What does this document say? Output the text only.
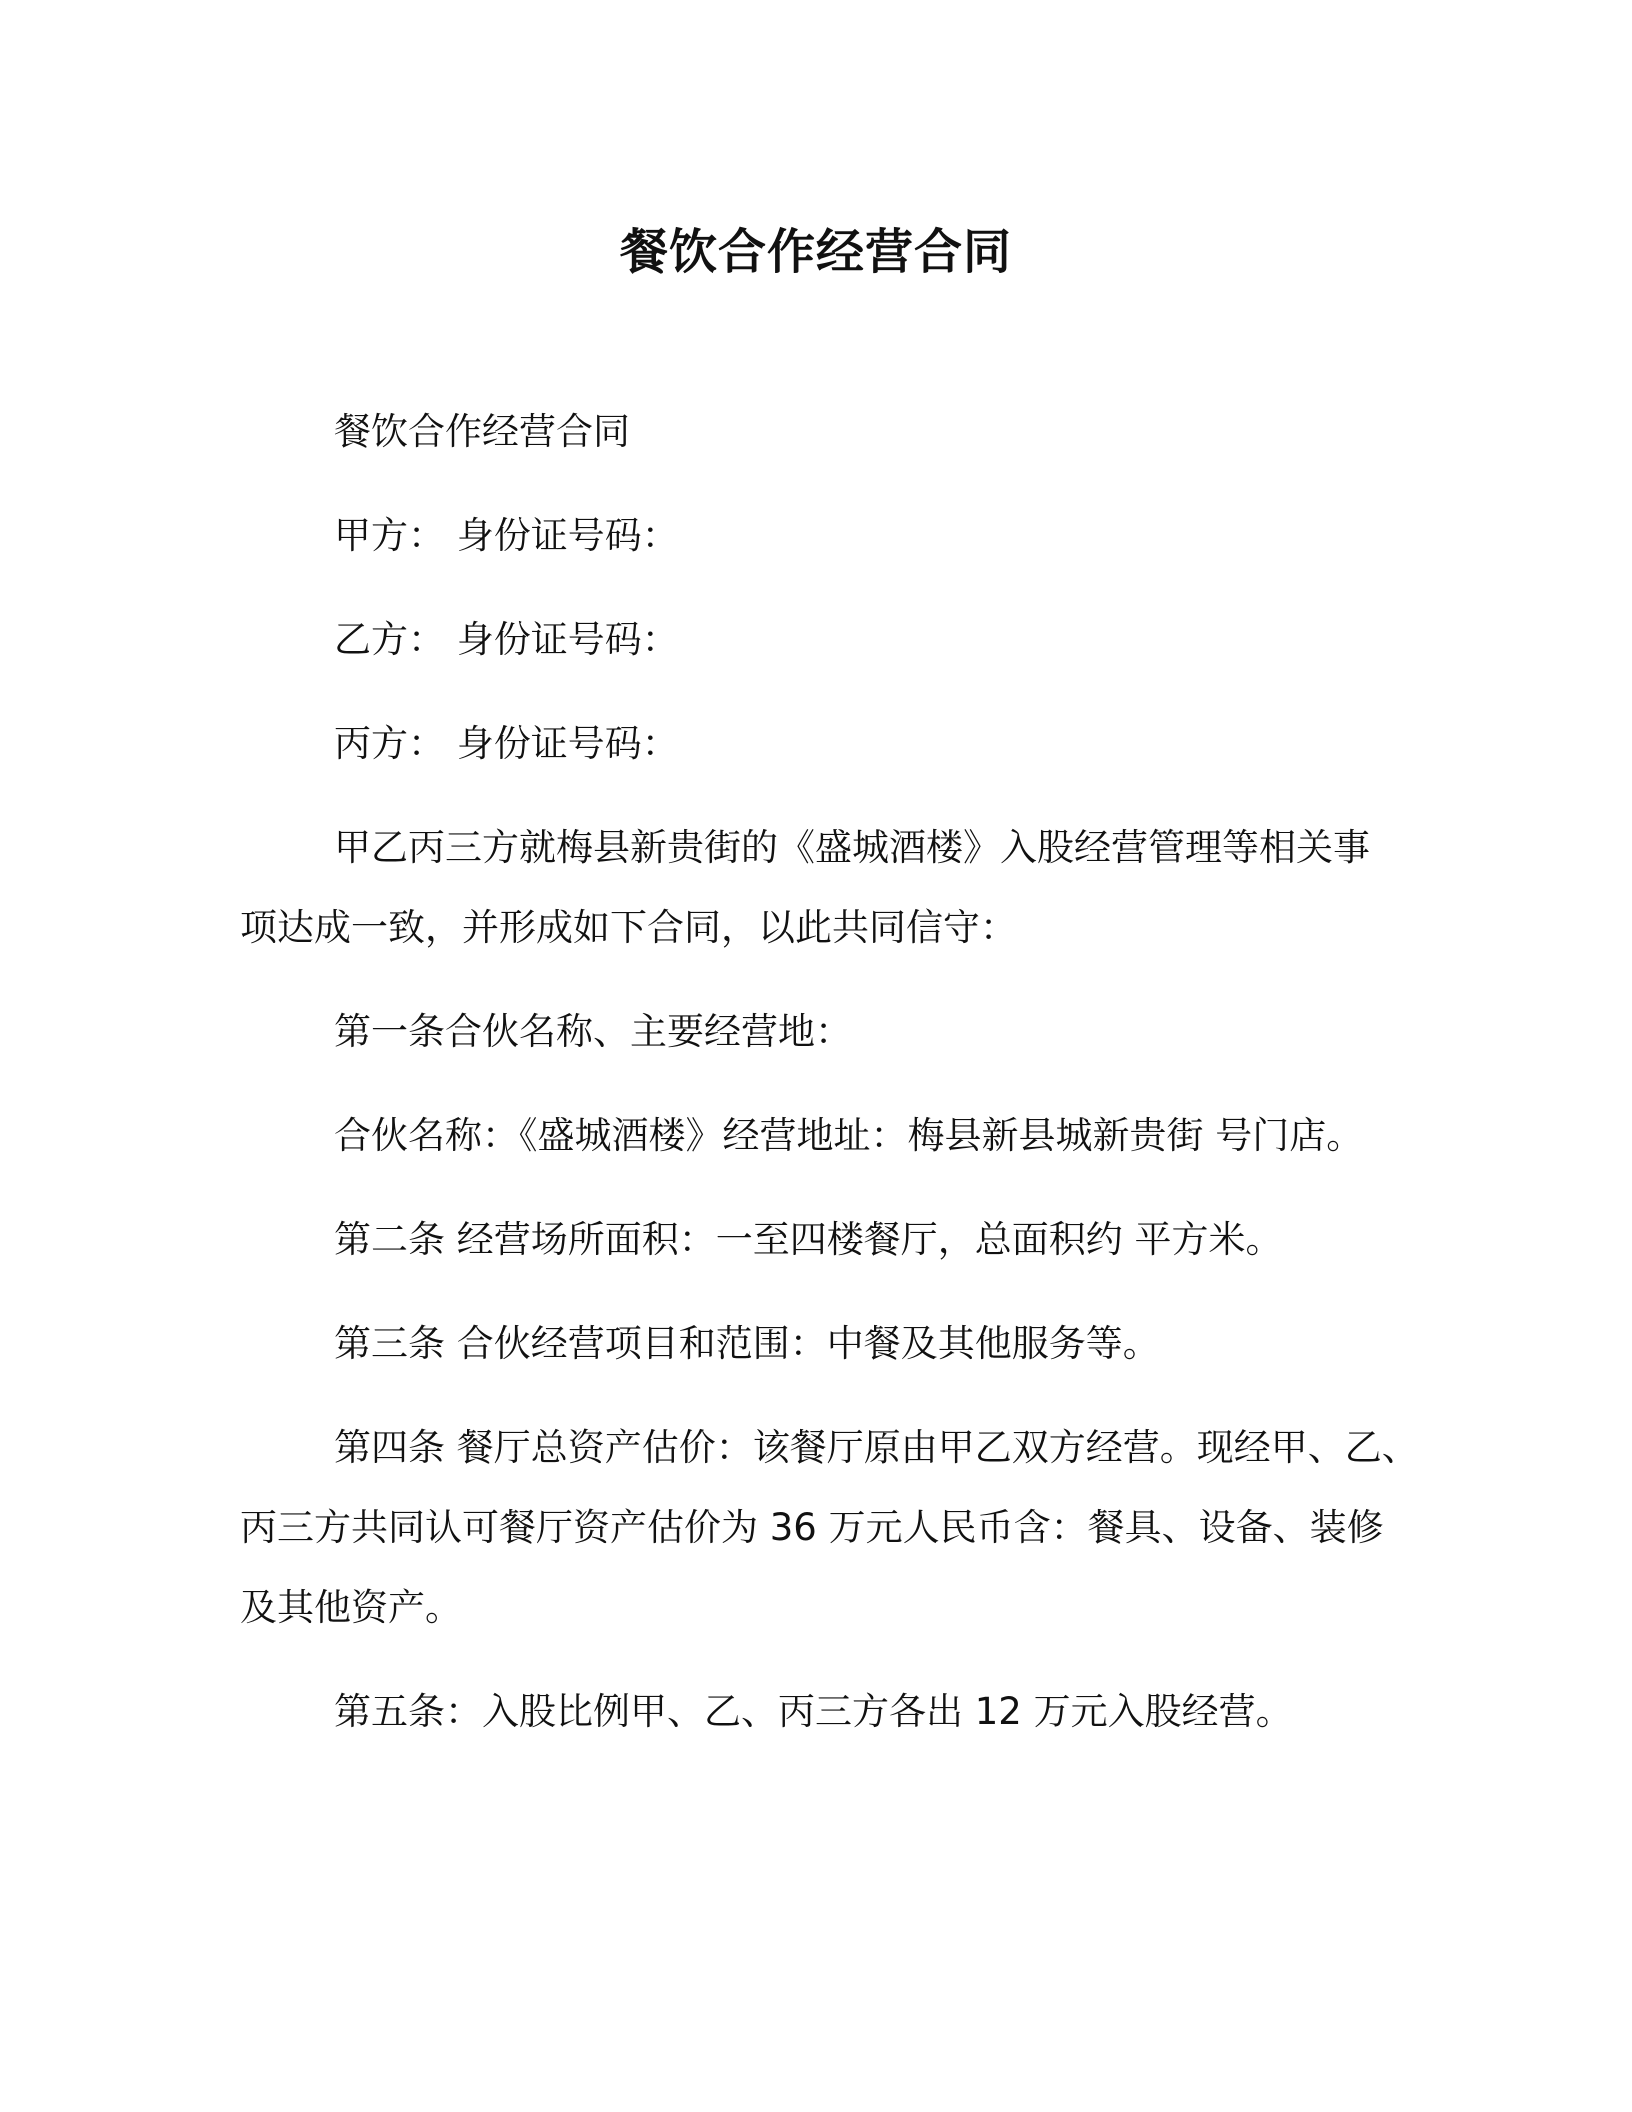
餐饮合作经营合同

餐饮合作经营合同

甲方： 身份证号码：

乙方： 身份证号码：

丙方： 身份证号码：

甲乙丙三方就梅县新贵街的《盛城酒楼》入股经营管理等相关事
项达成一致，并形成如下合同，以此共同信守：

第一条合伙名称、主要经营地：

合伙名称：《盛城酒楼》经营地址：梅县新县城新贵街 号门店。

第二条 经营场所面积：一至四楼餐厅，总面积约 平方米。

第三条 合伙经营项目和范围：中餐及其他服务等。

第四条 餐厅总资产估价：该餐厅原由甲乙双方经营。现经甲、乙、
丙三方共同认可餐厅资产估价为 36 万元人民币含：餐具、设备、装修
及其他资产。

第五条：入股比例甲、乙、丙三方各出 12 万元入股经营。
